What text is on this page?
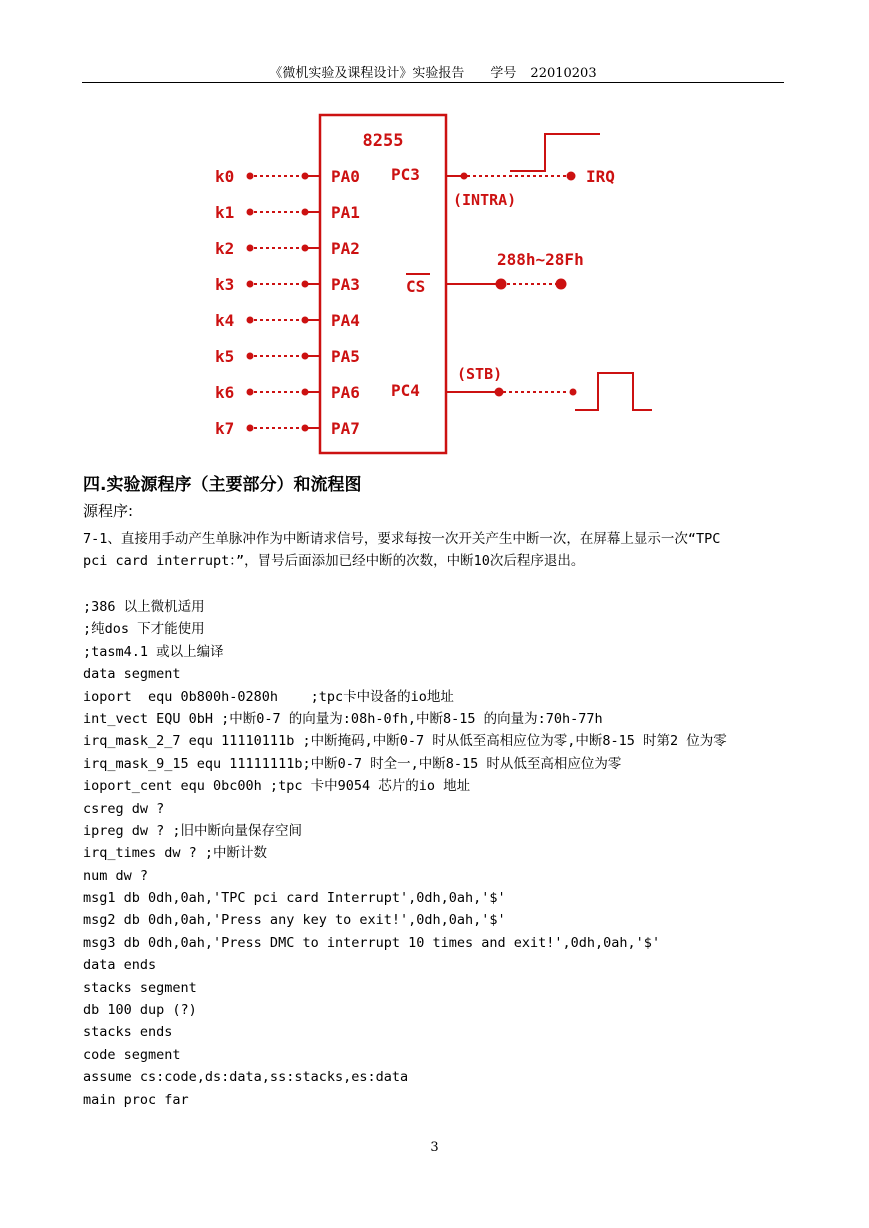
《微机实验及课程设计》实验报告 学号 22010203
8255
k0	PA0
k1	PA1
k2	PA2
k3	PA3
k4	PA4
k5	PA5
k6	PA6
k7	PA7
PC3	IRQ
(INTRA)
288h~28Fh
CS
(STB)
PC4
四.实验源程序（主要部分）和流程图
源程序:
7-1、直接用手动产生单脉冲作为中断请求信号，要求每按一次开关产生中断一次，在屏幕上显示一次“TPC
pci card interrupt：”，冒号后面添加已经中断的次数，中断10次后程序退出。
;386 以上微机适用
;纯dos 下才能使用
;tasm4.1 或以上编译
data segment
ioport  equ 0b800h-0280h    ;tpc卡中设备的io地址
int_vect EQU 0bH ;中断0-7 的向量为:08h-0fh,中断8-15 的向量为:70h-77h
irq_mask_2_7 equ 11110111b ;中断掩码,中断0-7 时从低至高相应位为零,中断8-15 时第2 位为零
irq_mask_9_15 equ 11111111b;中断0-7 时全一,中断8-15 时从低至高相应位为零
ioport_cent equ 0bc00h ;tpc 卡中9054 芯片的io 地址
csreg dw ?
ipreg dw ? ;旧中断向量保存空间
irq_times dw ? ;中断计数
num dw ?
msg1 db 0dh,0ah,'TPC pci card Interrupt',0dh,0ah,'$'
msg2 db 0dh,0ah,'Press any key to exit!',0dh,0ah,'$'
msg3 db 0dh,0ah,'Press DMC to interrupt 10 times and exit!',0dh,0ah,'$'
data ends
stacks segment
db 100 dup (?)
stacks ends
code segment
assume cs:code,ds:data,ss:stacks,es:data
main proc far
3
